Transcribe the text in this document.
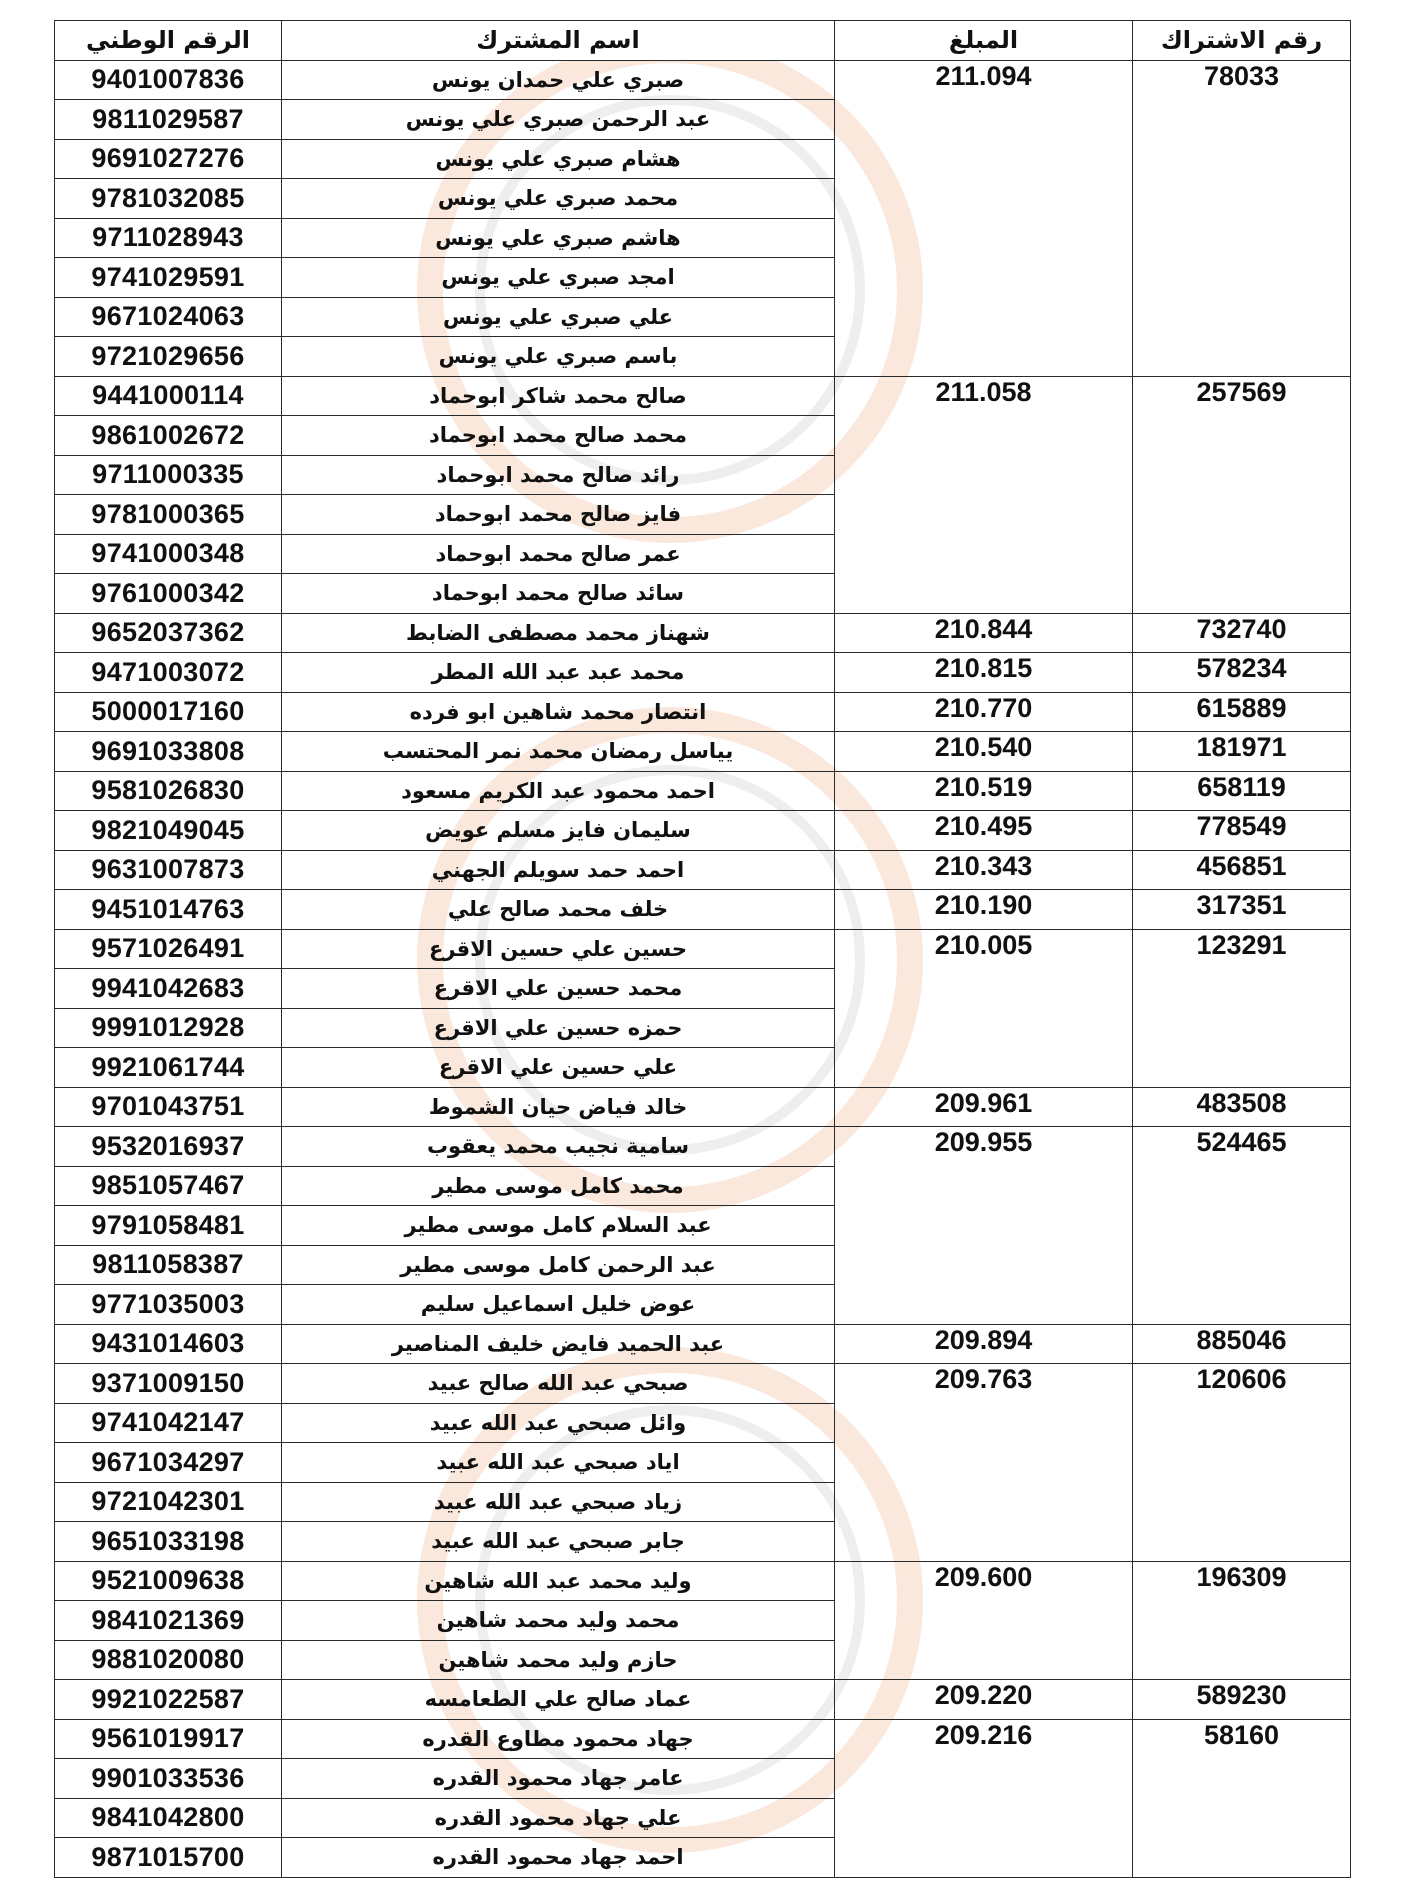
الرقم الوطني	اسم المشترك	المبلغ	رقم الاشتراك
9401007836	صبري علي حمدان يونس	211.094	78033
9811029587	عبد الرحمن صبري علي يونس		
9691027276	هشام صبري علي يونس		
9781032085	محمد صبري علي يونس		
9711028943	هاشم صبري علي يونس		
9741029591	امجد صبري علي يونس		
9671024063	علي صبري علي يونس		
9721029656	باسم صبري علي يونس		
9441000114	صالح محمد شاكر ابوحماد	211.058	257569
9861002672	محمد صالح محمد ابوحماد		
9711000335	رائد صالح محمد ابوحماد		
9781000365	فايز صالح محمد ابوحماد		
9741000348	عمر صالح محمد ابوحماد		
9761000342	سائد صالح محمد ابوحماد		
9652037362	شهناز محمد مصطفى الضابط	210.844	732740
9471003072	محمد عبد عبد الله المطر	210.815	578234
5000017160	انتصار محمد شاهين ابو فرده	210.770	615889
9691033808	يياسل رمضان محمد نمر المحتسب	210.540	181971
9581026830	احمد محمود عبد الكريم مسعود	210.519	658119
9821049045	سليمان فايز مسلم عويض	210.495	778549
9631007873	احمد حمد سويلم الجهني	210.343	456851
9451014763	خلف محمد صالح علي	210.190	317351
9571026491	حسين علي حسين الاقرع	210.005	123291
9941042683	محمد حسين علي الاقرع		
9991012928	حمزه حسين علي الاقرع		
9921061744	علي حسين علي الاقرع		
9701043751	خالد فياض حيان الشموط	209.961	483508
9532016937	سامية نجيب محمد يعقوب	209.955	524465
9851057467	محمد كامل موسى مطير		
9791058481	عبد السلام كامل موسى مطير		
9811058387	عبد الرحمن كامل موسى مطير		
9771035003	عوض خليل اسماعيل سليم		
9431014603	عبد الحميد فايض خليف المناصير	209.894	885046
9371009150	صبحي عبد الله صالح عبيد	209.763	120606
9741042147	وائل صبحي عبد الله عبيد		
9671034297	اياد صبحي عبد الله عبيد		
9721042301	زياد صبحي عبد الله عبيد		
9651033198	جابر صبحي عبد الله عبيد		
9521009638	وليد محمد عبد الله شاهين	209.600	196309
9841021369	محمد وليد محمد شاهين		
9881020080	حازم وليد محمد شاهين		
9921022587	عماد صالح علي الطعامسه	209.220	589230
9561019917	جهاد محمود مطاوع القدره	209.216	58160
9901033536	عامر جهاد محمود القدره		
9841042800	علي جهاد محمود القدره		
9871015700	احمد جهاد محمود القدره		
